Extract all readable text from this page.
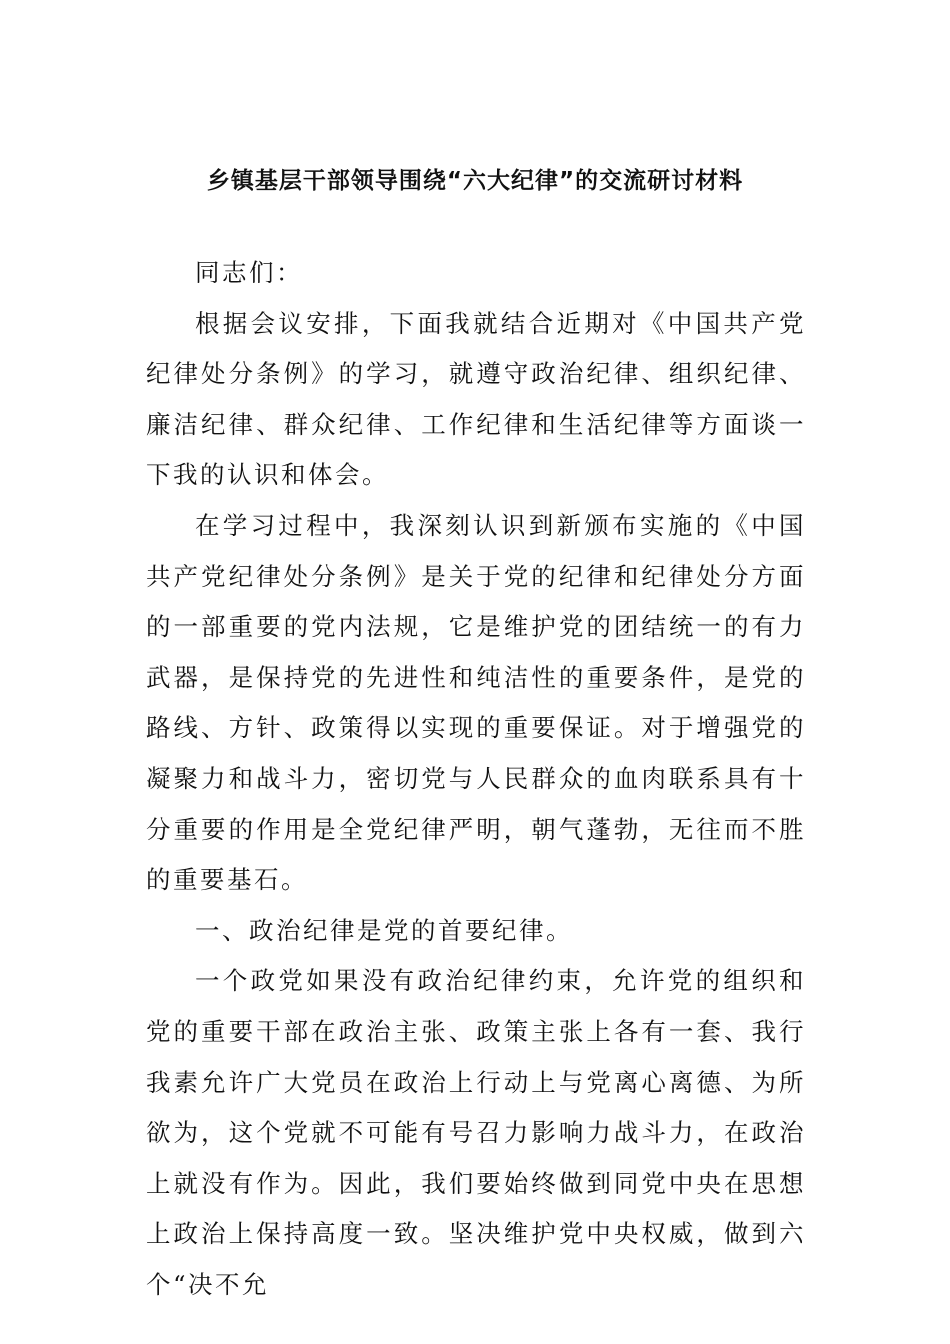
乡镇基层干部领导围绕“六大纪律”的交流研讨材料

同志们：

根据会议安排，下面我就结合近期对《中国共产党纪律处分条例》的学习，就遵守政治纪律、组织纪律、廉洁纪律、群众纪律、工作纪律和生活纪律等方面谈一下我的认识和体会。

在学习过程中，我深刻认识到新颁布实施的《中国共产党纪律处分条例》是关于党的纪律和纪律处分方面的一部重要的党内法规，它是维护党的团结统一的有力武器，是保持党的先进性和纯洁性的重要条件，是党的路线、方针、政策得以实现的重要保证。对于增强党的凝聚力和战斗力，密切党与人民群众的血肉联系具有十分重要的作用是全党纪律严明，朝气蓬勃，无往而不胜的重要基石。

一、政治纪律是党的首要纪律。

一个政党如果没有政治纪律约束，允许党的组织和党的重要干部在政治主张、政策主张上各有一套、我行我素允许广大党员在政治上行动上与党离心离德、为所欲为，这个党就不可能有号召力影响力战斗力，在政治上就没有作为。因此，我们要始终做到同党中央在思想上政治上保持高度一致。坚决维护党中央权威，做到六个“决不允
